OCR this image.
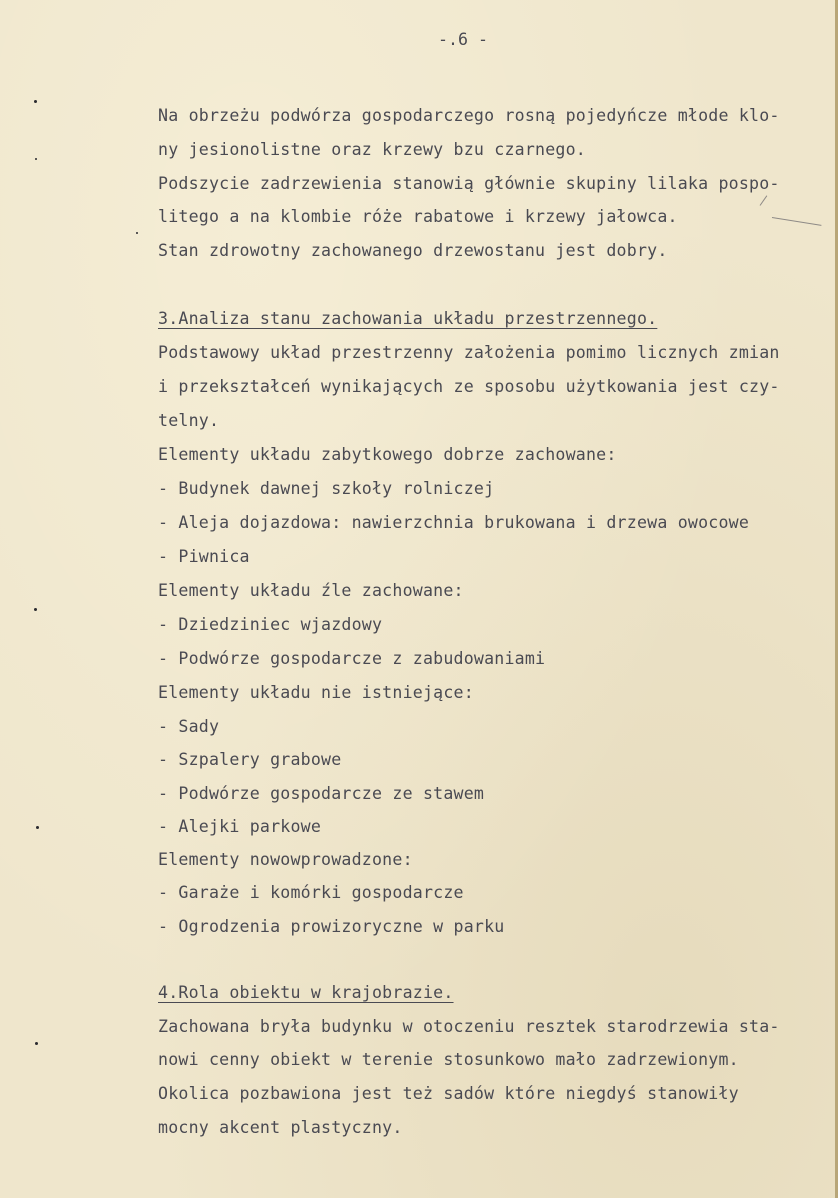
-.6 -
Na obrzeżu podwórza gospodarczego rosną pojedyńcze młode klo-
ny jesionolistne oraz krzewy bzu czarnego.
Podszycie zadrzewienia stanowią głównie skupiny lilaka pospo-
litego a na klombie róże rabatowe i krzewy jałowca.
Stan zdrowotny zachowanego drzewostanu jest dobry.
3.Analiza stanu zachowania układu przestrzennego.
Podstawowy układ przestrzenny założenia pomimo licznych zmian
i przekształceń wynikających ze sposobu użytkowania jest czy-
telny.
Elementy układu zabytkowego dobrze zachowane:
- Budynek dawnej szkoły rolniczej
- Aleja dojazdowa: nawierzchnia brukowana i drzewa owocowe
- Piwnica
Elementy układu źle zachowane:
- Dziedziniec wjazdowy
- Podwórze gospodarcze z zabudowaniami
Elementy układu nie istniejące:
- Sady
- Szpalery grabowe
- Podwórze gospodarcze ze stawem
- Alejki parkowe
Elementy nowowprowadzone:
- Garaże i komórki gospodarcze
- Ogrodzenia prowizoryczne w parku
4.Rola obiektu w krajobrazie.
Zachowana bryła budynku w otoczeniu resztek starodrzewia sta-
nowi cenny obiekt w terenie stosunkowo mało zadrzewionym.
Okolica pozbawiona jest też sadów które niegdyś stanowiły
mocny akcent plastyczny.
